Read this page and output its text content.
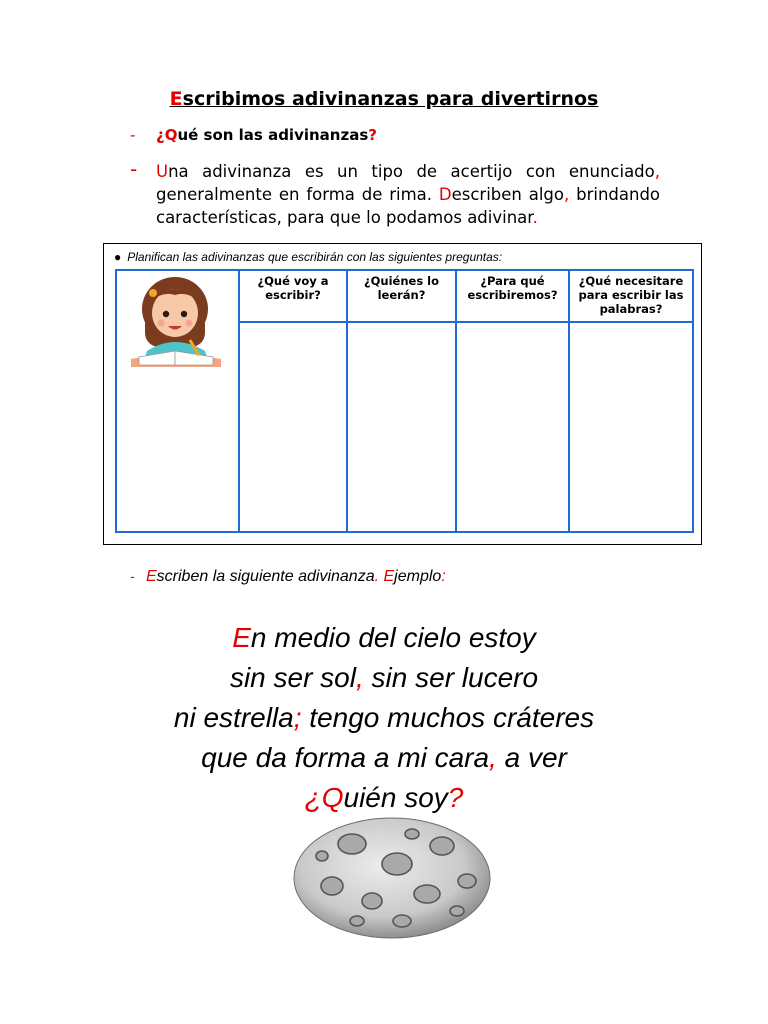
Escribimos adivinanzas para divertirnos
- ¿Qué son las adivinanzas?
- Una adivinanza es un tipo de acertijo con enunciado, generalmente en forma de rima. Describen algo, brindando características, para que lo podamos adivinar.
● Planifican las adivinanzas que escribirán con las siguientes preguntas:
	¿Qué voy a escribir?	¿Quiénes lo leerán?	¿Para qué escribiremos?	¿Qué necesitare para escribir las palabras?

- Escriben la siguiente adivinanza. Ejemplo:
En medio del cielo estoy
sin ser sol, sin ser lucero
ni estrella; tengo muchos cráteres
que da forma a mi cara, a ver
¿Quién soy?
